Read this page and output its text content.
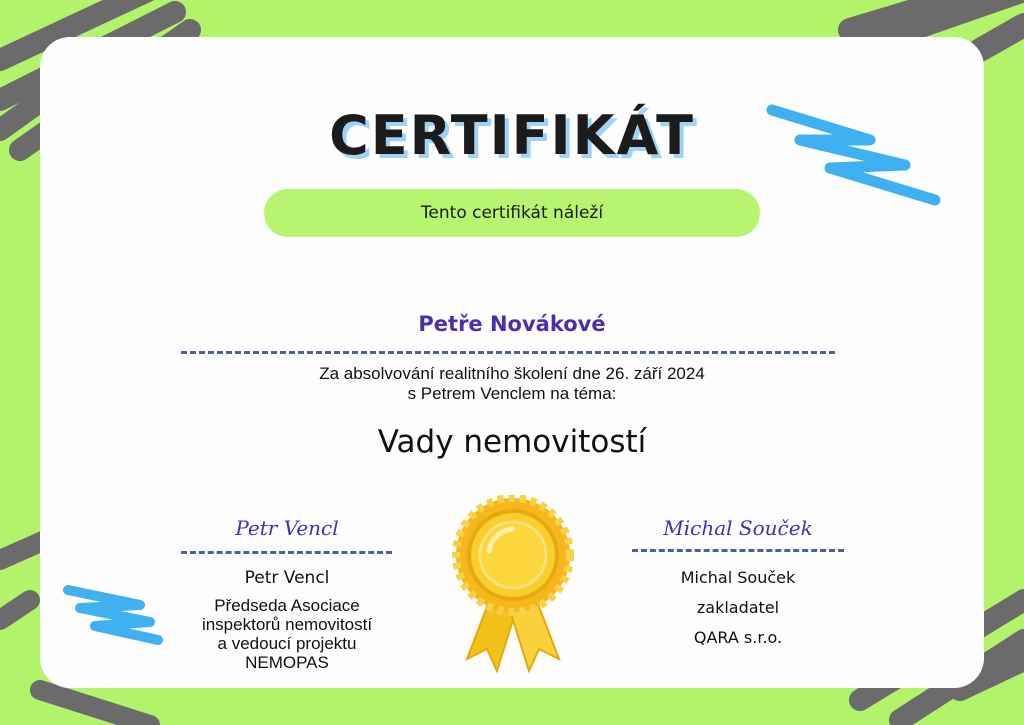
CERTIFIKÁT
Tento certifikát náleží
Petře Novákové
Za absolvování realitního školení dne 26. září 2024
s Petrem Venclem na téma:
Vady nemovitostí
Petr Vencl
Petr Vencl
Předseda Asociace
inspektorů nemovitostí
a vedoucí projektu
NEMOPAS
Michal Souček
Michal Souček
zakladatel
QARA s.r.o.
